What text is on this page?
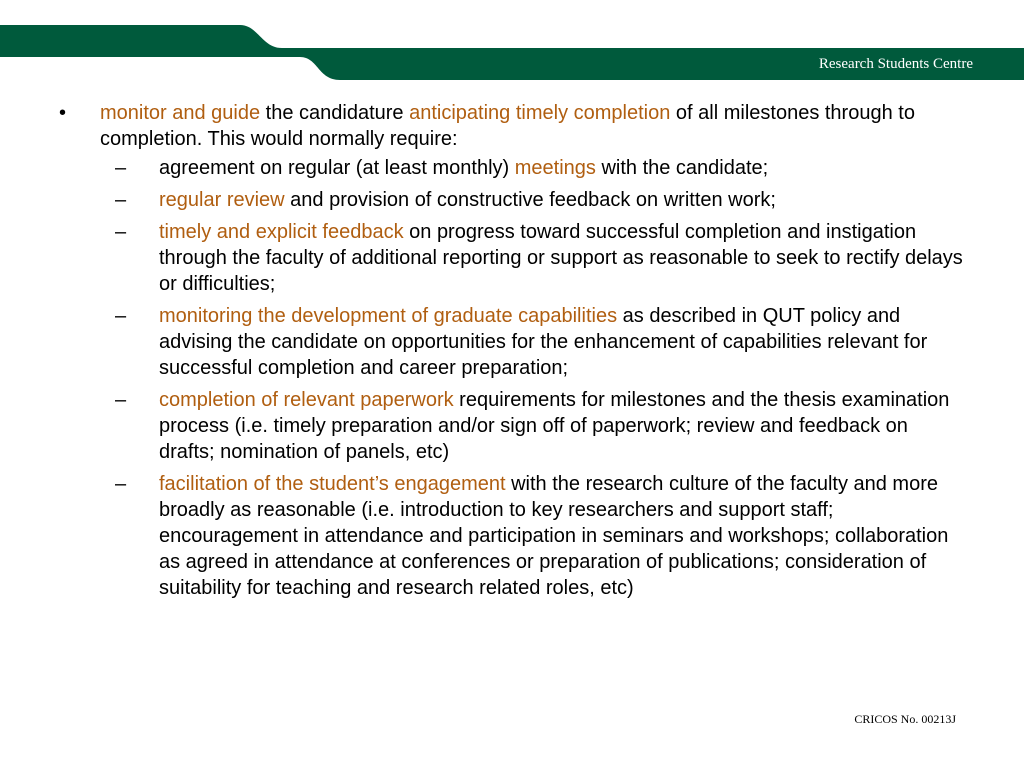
Research Students Centre
•	monitor and guide the candidature anticipating timely completion of all milestones through to completion. This would normally require:
–	agreement on regular (at least monthly) meetings with the candidate;
–	regular review and provision of constructive feedback on written work;
–	timely and explicit feedback on progress toward successful completion and instigation through the faculty of additional reporting or support as reasonable to seek to rectify delays or difficulties;
–	monitoring the development of graduate capabilities as described in QUT policy and advising the candidate on opportunities for the enhancement of capabilities relevant for successful completion and career preparation;
–	completion of relevant paperwork requirements for milestones and the thesis examination process (i.e. timely preparation and/or sign off of paperwork; review and feedback on drafts; nomination of panels, etc)
–	facilitation of the student’s engagement with the research culture of the faculty and more broadly as reasonable (i.e. introduction to key researchers and support staff; encouragement in attendance and participation in seminars and workshops; collaboration as agreed in attendance at conferences or preparation of publications; consideration of suitability for teaching and research related roles, etc)
CRICOS No. 00213J
